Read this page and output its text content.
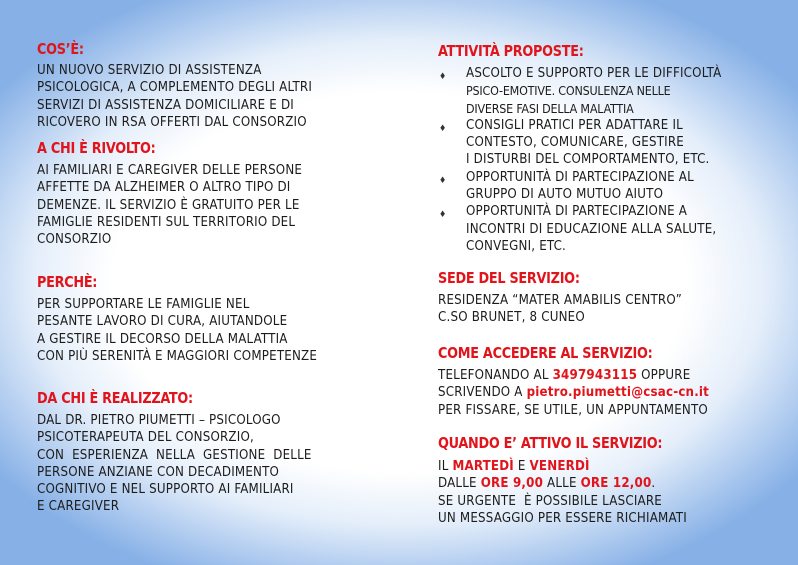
COS’È:
UN NUOVO SERVIZIO DI ASSISTENZA
PSICOLOGICA, A COMPLEMENTO DEGLI ALTRI
SERVIZI DI ASSISTENZA DOMICILIARE E DI
RICOVERO IN RSA OFFERTI DAL CONSORZIO
A CHI È RIVOLTO:
AI FAMILIARI E CAREGIVER DELLE PERSONE
AFFETTE DA ALZHEIMER O ALTRO TIPO DI
DEMENZE. IL SERVIZIO È GRATUITO PER LE
FAMIGLIE RESIDENTI SUL TERRITORIO DEL
CONSORZIO
PERCHÈ:
PER SUPPORTARE LE FAMIGLIE NEL
PESANTE LAVORO DI CURA, AIUTANDOLE
A GESTIRE IL DECORSO DELLA MALATTIA
CON PIÙ SERENITÀ E MAGGIORI COMPETENZE
DA CHI È REALIZZATO:
DAL DR. PIETRO PIUMETTI – PSICOLOGO
PSICOTERAPEUTA DEL CONSORZIO,
CON ESPERIENZA NELLA GESTIONE DELLE
PERSONE ANZIANE CON DECADIMENTO
COGNITIVO E NEL SUPPORTO AI FAMILIARI
E CAREGIVER
ATTIVITÀ PROPOSTE:
♦ ASCOLTO E SUPPORTO PER LE DIFFICOLTÀ
PSICO-EMOTIVE. CONSULENZA NELLE
DIVERSE FASI DELLA MALATTIA
♦ CONSIGLI PRATICI PER ADATTARE IL
CONTESTO, COMUNICARE, GESTIRE
I DISTURBI DEL COMPORTAMENTO, ETC.
♦ OPPORTUNITÀ DI PARTECIPAZIONE AL
GRUPPO DI AUTO MUTUO AIUTO
♦ OPPORTUNITÀ DI PARTECIPAZIONE A
INCONTRI DI EDUCAZIONE ALLA SALUTE,
CONVEGNI, ETC.
SEDE DEL SERVIZIO:
RESIDENZA “MATER AMABILIS CENTRO”
C.SO BRUNET, 8 CUNEO
COME ACCEDERE AL SERVIZIO:
TELEFONANDO AL 3497943115 OPPURE
SCRIVENDO A pietro.piumetti@csac-cn.it
PER FISSARE, SE UTILE, UN APPUNTAMENTO
QUANDO E’ ATTIVO IL SERVIZIO:
IL MARTEDÌ E VENERDÌ
DALLE ORE 9,00 ALLE ORE 12,00.
SE URGENTE  È POSSIBILE LASCIARE
UN MESSAGGIO PER ESSERE RICHIAMATI
